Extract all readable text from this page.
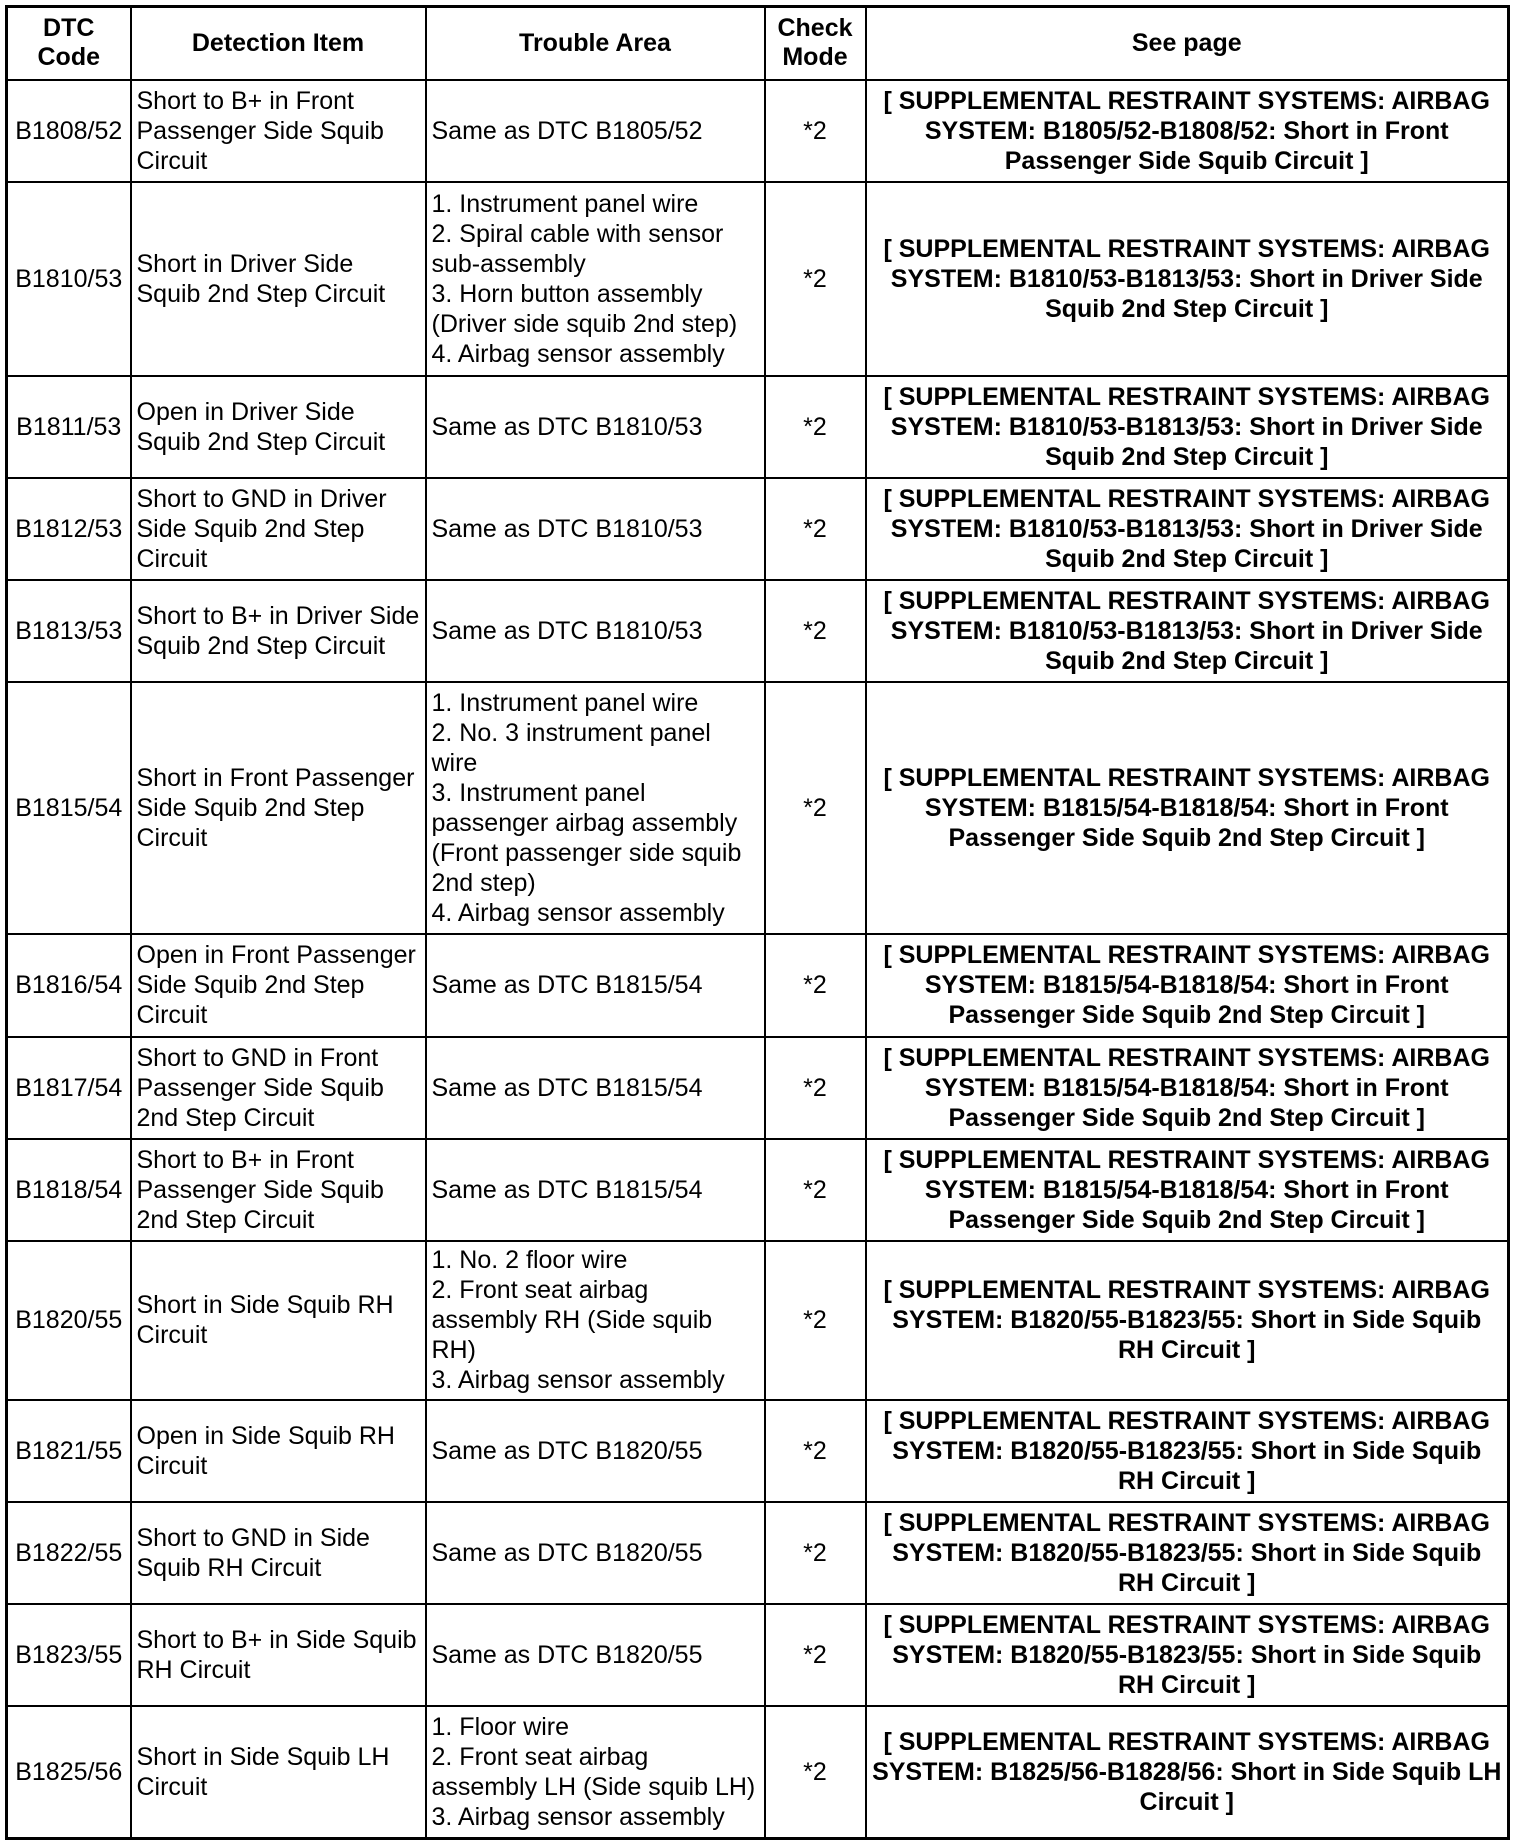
DTC Code	Detection Item	Trouble Area	Check Mode	See page
B1808/52	Short to B+ in Front Passenger Side Squib Circuit	Same as DTC B1805/52	*2	[ SUPPLEMENTAL RESTRAINT SYSTEMS: AIRBAG SYSTEM: B1805/52-B1808/52: Short in Front Passenger Side Squib Circuit ]
B1810/53	Short in Driver Side Squib 2nd Step Circuit	1. Instrument panel wire
2. Spiral cable with sensor sub-assembly
3. Horn button assembly (Driver side squib 2nd step)
4. Airbag sensor assembly	*2	[ SUPPLEMENTAL RESTRAINT SYSTEMS: AIRBAG SYSTEM: B1810/53-B1813/53: Short in Driver Side Squib 2nd Step Circuit ]
B1811/53	Open in Driver Side Squib 2nd Step Circuit	Same as DTC B1810/53	*2	[ SUPPLEMENTAL RESTRAINT SYSTEMS: AIRBAG SYSTEM: B1810/53-B1813/53: Short in Driver Side Squib 2nd Step Circuit ]
B1812/53	Short to GND in Driver Side Squib 2nd Step Circuit	Same as DTC B1810/53	*2	[ SUPPLEMENTAL RESTRAINT SYSTEMS: AIRBAG SYSTEM: B1810/53-B1813/53: Short in Driver Side Squib 2nd Step Circuit ]
B1813/53	Short to B+ in Driver Side Squib 2nd Step Circuit	Same as DTC B1810/53	*2	[ SUPPLEMENTAL RESTRAINT SYSTEMS: AIRBAG SYSTEM: B1810/53-B1813/53: Short in Driver Side Squib 2nd Step Circuit ]
B1815/54	Short in Front Passenger Side Squib 2nd Step Circuit	1. Instrument panel wire
2. No. 3 instrument panel wire
3. Instrument panel passenger airbag assembly (Front passenger side squib 2nd step)
4. Airbag sensor assembly	*2	[ SUPPLEMENTAL RESTRAINT SYSTEMS: AIRBAG SYSTEM: B1815/54-B1818/54: Short in Front Passenger Side Squib 2nd Step Circuit ]
B1816/54	Open in Front Passenger Side Squib 2nd Step Circuit	Same as DTC B1815/54	*2	[ SUPPLEMENTAL RESTRAINT SYSTEMS: AIRBAG SYSTEM: B1815/54-B1818/54: Short in Front Passenger Side Squib 2nd Step Circuit ]
B1817/54	Short to GND in Front Passenger Side Squib 2nd Step Circuit	Same as DTC B1815/54	*2	[ SUPPLEMENTAL RESTRAINT SYSTEMS: AIRBAG SYSTEM: B1815/54-B1818/54: Short in Front Passenger Side Squib 2nd Step Circuit ]
B1818/54	Short to B+ in Front Passenger Side Squib 2nd Step Circuit	Same as DTC B1815/54	*2	[ SUPPLEMENTAL RESTRAINT SYSTEMS: AIRBAG SYSTEM: B1815/54-B1818/54: Short in Front Passenger Side Squib 2nd Step Circuit ]
B1820/55	Short in Side Squib RH Circuit	1. No. 2 floor wire
2. Front seat airbag assembly RH (Side squib RH)
3. Airbag sensor assembly	*2	[ SUPPLEMENTAL RESTRAINT SYSTEMS: AIRBAG SYSTEM: B1820/55-B1823/55: Short in Side Squib RH Circuit ]
B1821/55	Open in Side Squib RH Circuit	Same as DTC B1820/55	*2	[ SUPPLEMENTAL RESTRAINT SYSTEMS: AIRBAG SYSTEM: B1820/55-B1823/55: Short in Side Squib RH Circuit ]
B1822/55	Short to GND in Side Squib RH Circuit	Same as DTC B1820/55	*2	[ SUPPLEMENTAL RESTRAINT SYSTEMS: AIRBAG SYSTEM: B1820/55-B1823/55: Short in Side Squib RH Circuit ]
B1823/55	Short to B+ in Side Squib RH Circuit	Same as DTC B1820/55	*2	[ SUPPLEMENTAL RESTRAINT SYSTEMS: AIRBAG SYSTEM: B1820/55-B1823/55: Short in Side Squib RH Circuit ]
B1825/56	Short in Side Squib LH Circuit	1. Floor wire
2. Front seat airbag assembly LH (Side squib LH)
3. Airbag sensor assembly	*2	[ SUPPLEMENTAL RESTRAINT SYSTEMS: AIRBAG SYSTEM: B1825/56-B1828/56: Short in Side Squib LH Circuit ]
